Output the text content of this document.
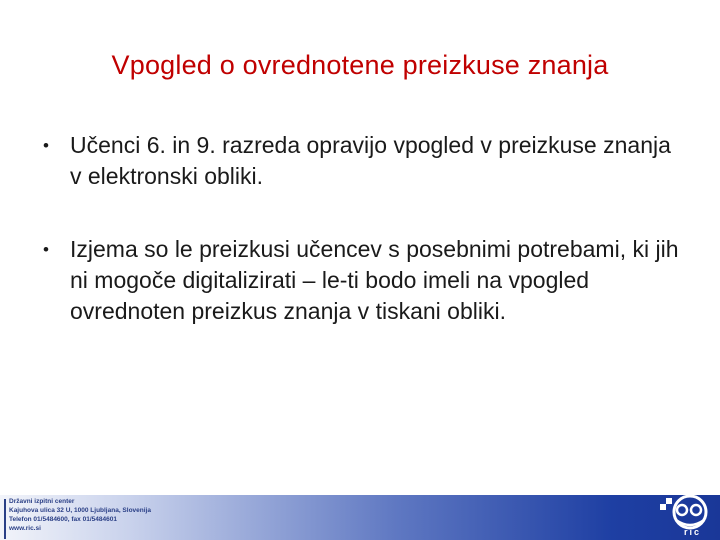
Vpogled o ovrednotene preizkuse znanja
• Učenci 6. in 9. razreda opravijo vpogled v preizkuse znanja v elektronski obliki.
• Izjema so le preizkusi učencev s posebnimi potrebami, ki jih ni mogoče digitalizirati – le-ti bodo imeli na vpogled ovrednoten preizkus znanja v tiskani obliki.
Državni izpitni center
Kajuhova ulica 32 U, 1000 Ljubljana, Slovenija
Telefon 01/5484600, fax 01/5484601
www.ric.si	ric
